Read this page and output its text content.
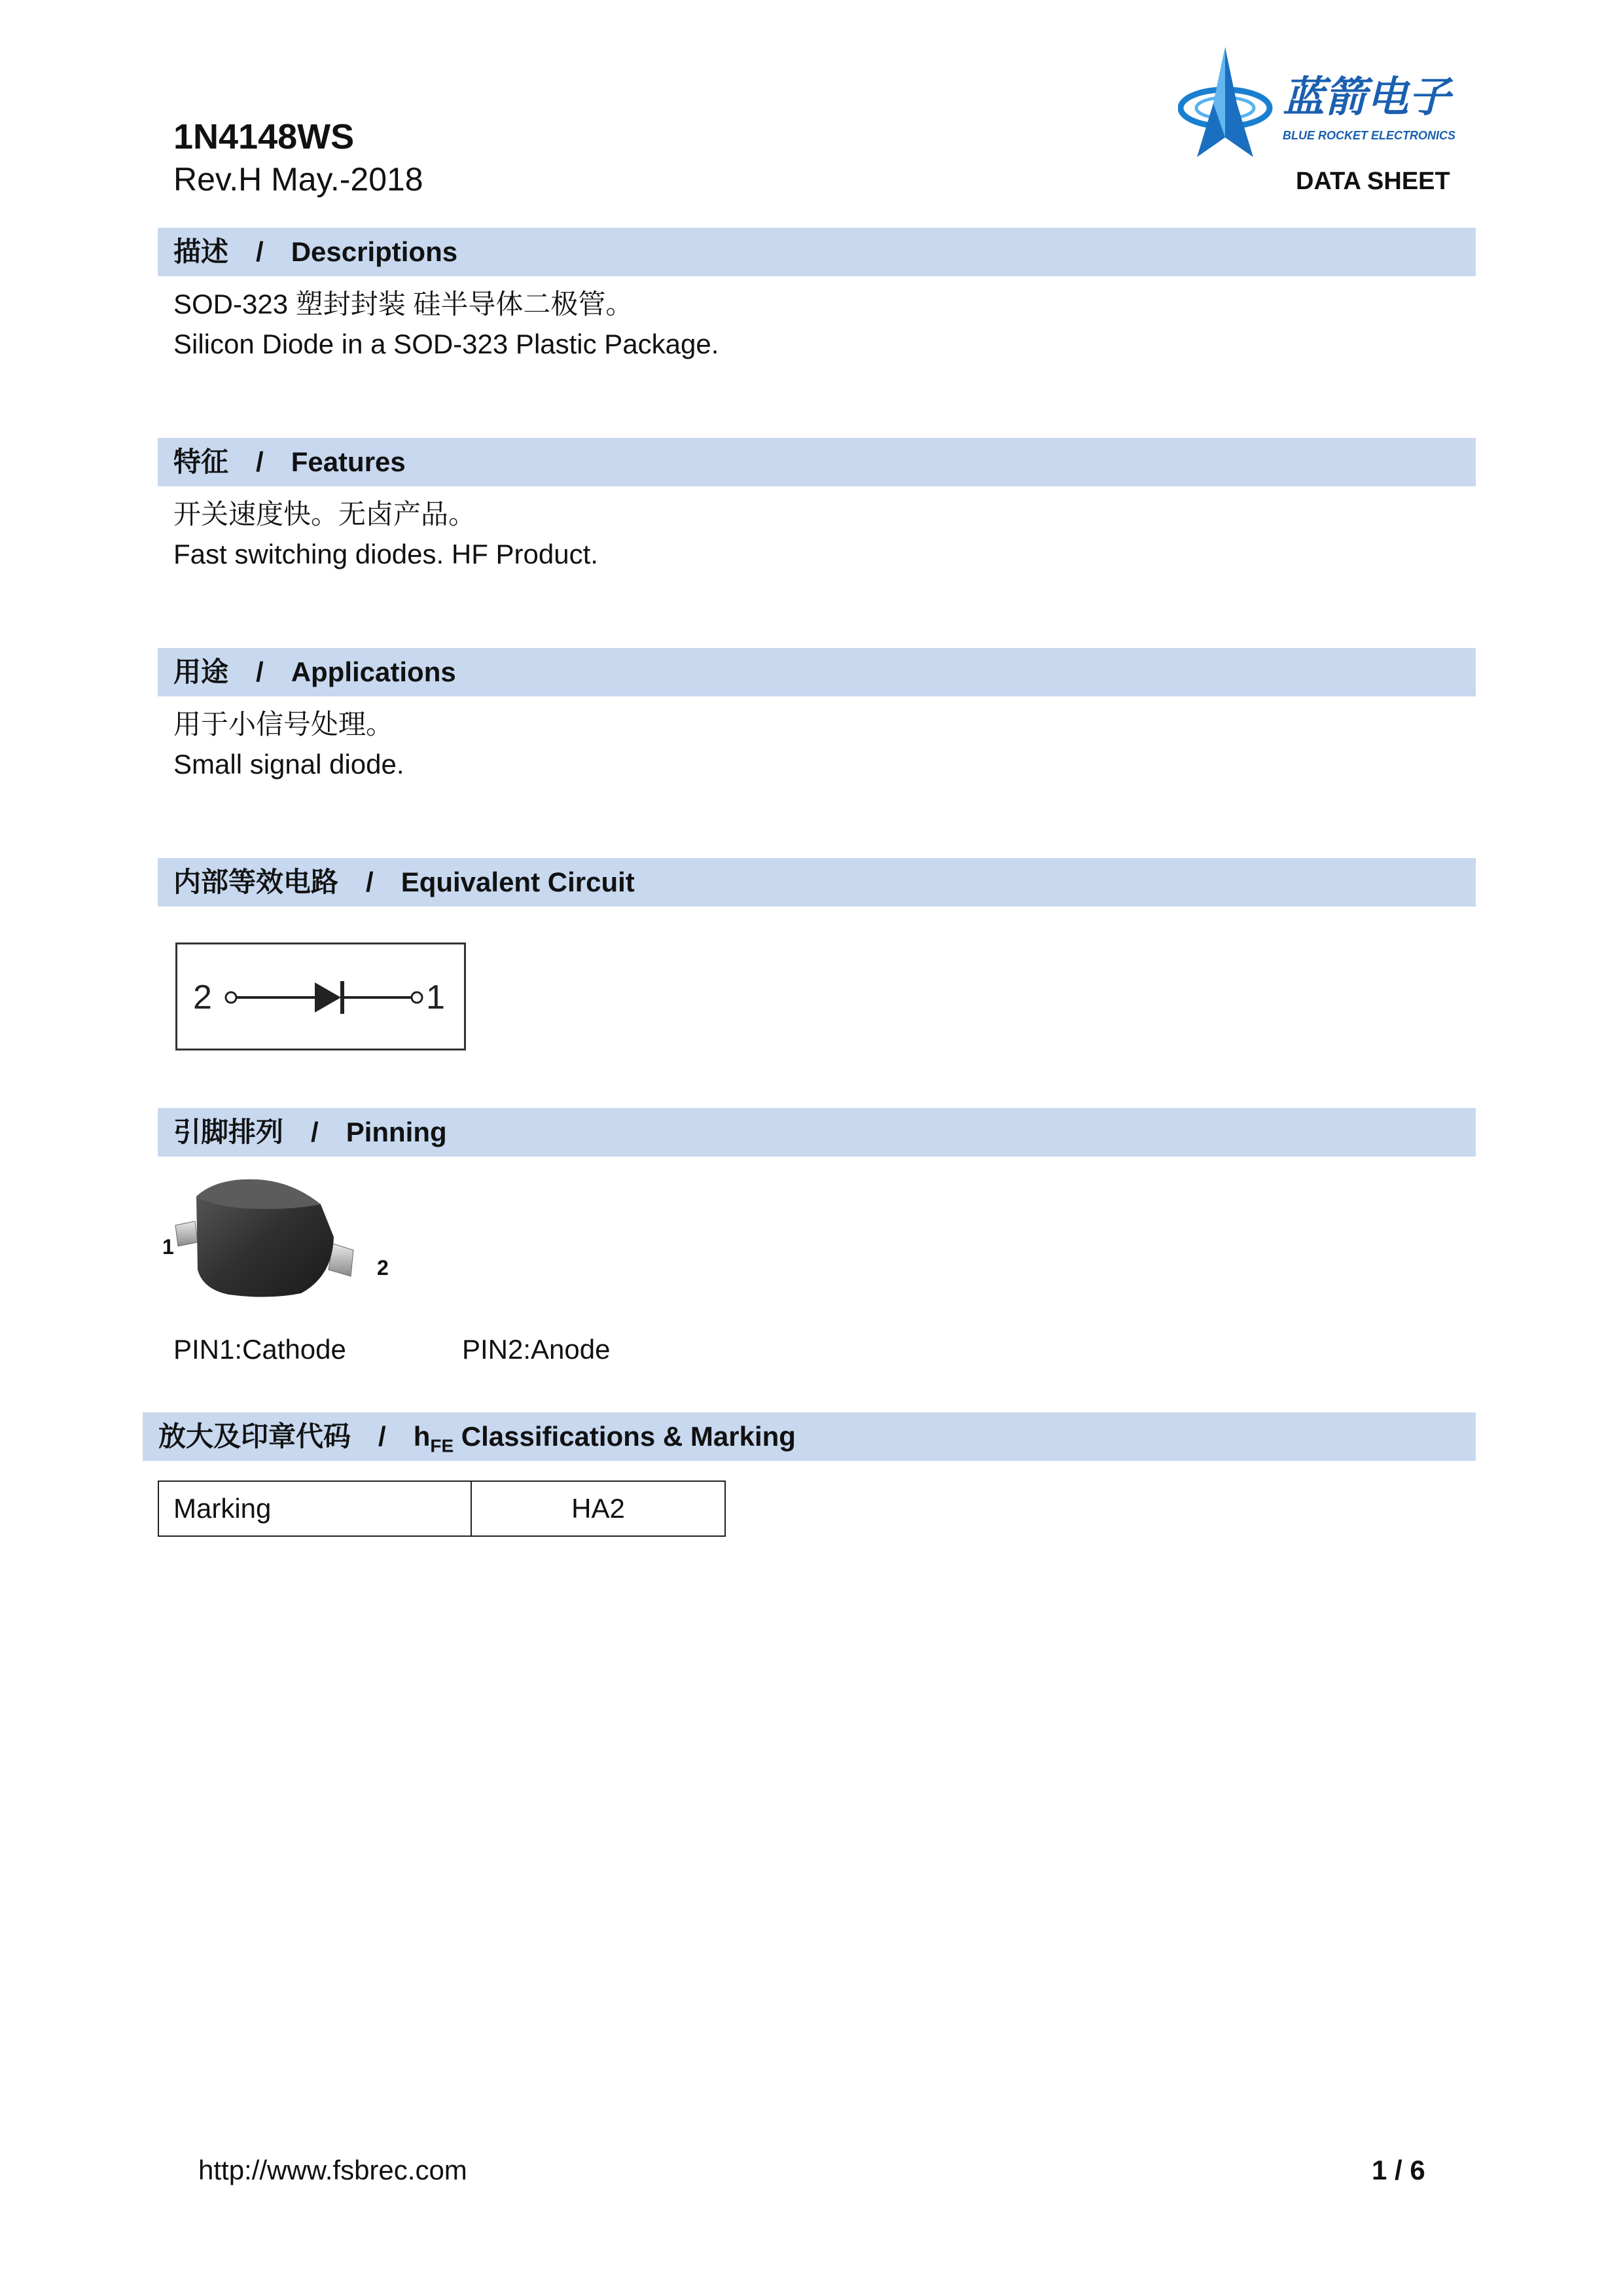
1N4148WS
Rev.H May.-2018
蓝箭电子
BLUE ROCKET ELECTRONICS
DATA SHEET
描述 / Descriptions
SOD-323 塑封封装 硅半导体二极管。
Silicon Diode in a SOD-323 Plastic Package.
特征 / Features
开关速度快。无卤产品。
Fast switching diodes. HF Product.
用途 / Applications
用于小信号处理。
Small signal diode.
内部等效电路 / Equivalent Circuit
2	1
引脚排列 / Pinning
1
2
PIN1:Cathode	PIN2:Anode
放大及印章代码 / $h_{FE}$ Classifications & Marking
Marking	HA2
http://www.fsbrec.com	1 / 6
